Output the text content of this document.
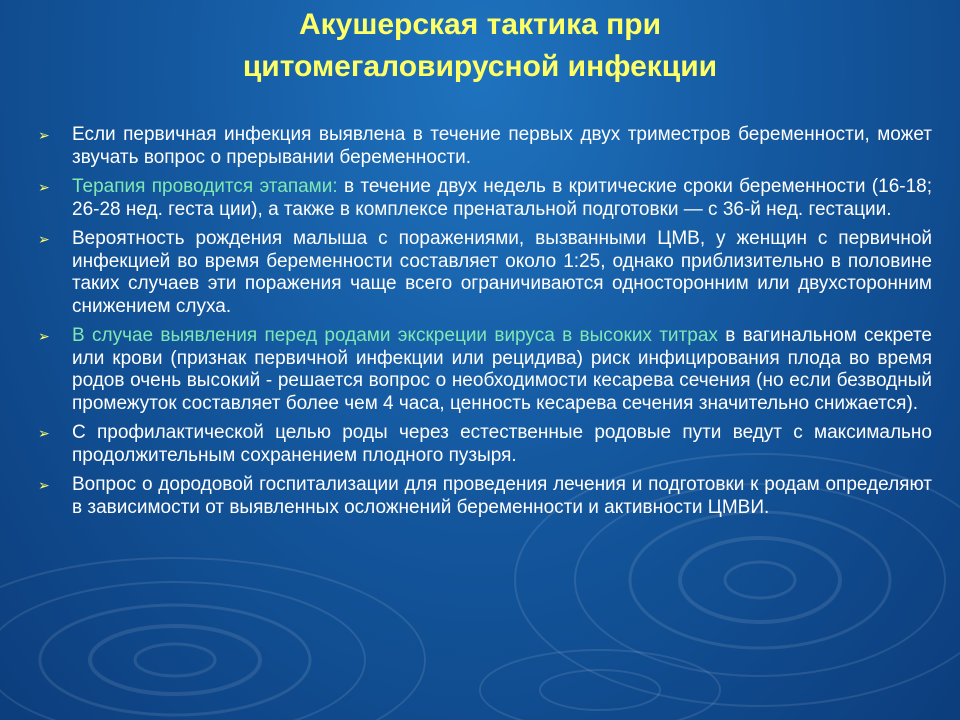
Акушерская тактика при
цитомегаловирусной инфекции
➢ Если первичная инфекция выявлена в течение первых двух триместров беременности, может звучать вопрос о прерывании беременности.

➢ Терапия проводится этапами: в течение двух недель в критические сроки беременности (16-18; 26-28 нед. геста ции), а также в комплексе пренатальной подготовки — с 36-й нед. гестации.

➢ Вероятность рождения малыша с поражениями, вызванными ЦМВ, у женщин с первичной инфекцией во время беременности составляет около 1:25, однако приблизительно в половине таких случаев эти поражения чаще всего ограничиваются односторонним или двухсторонним снижением слуха.

➢ В случае выявления перед родами экскреции вируса в высоких титрах в вагинальном секрете или крови (признак первичной инфекции или рецидива) риск инфицирования плода во время родов очень высокий - решается вопрос о необходимости кесарева сечения (но если безводный промежуток составляет более чем 4 часа, ценность кесарева сечения значительно снижается).

➢ С профилактической целью роды через естественные родовые пути ведут с максимально продолжительным сохранением плодного пузыря.

➢ Вопрос о дородовой госпитализации для проведения лечения и подготовки к родам определяют в зависимости от выявленных осложнений беременности и активности ЦМВИ.
